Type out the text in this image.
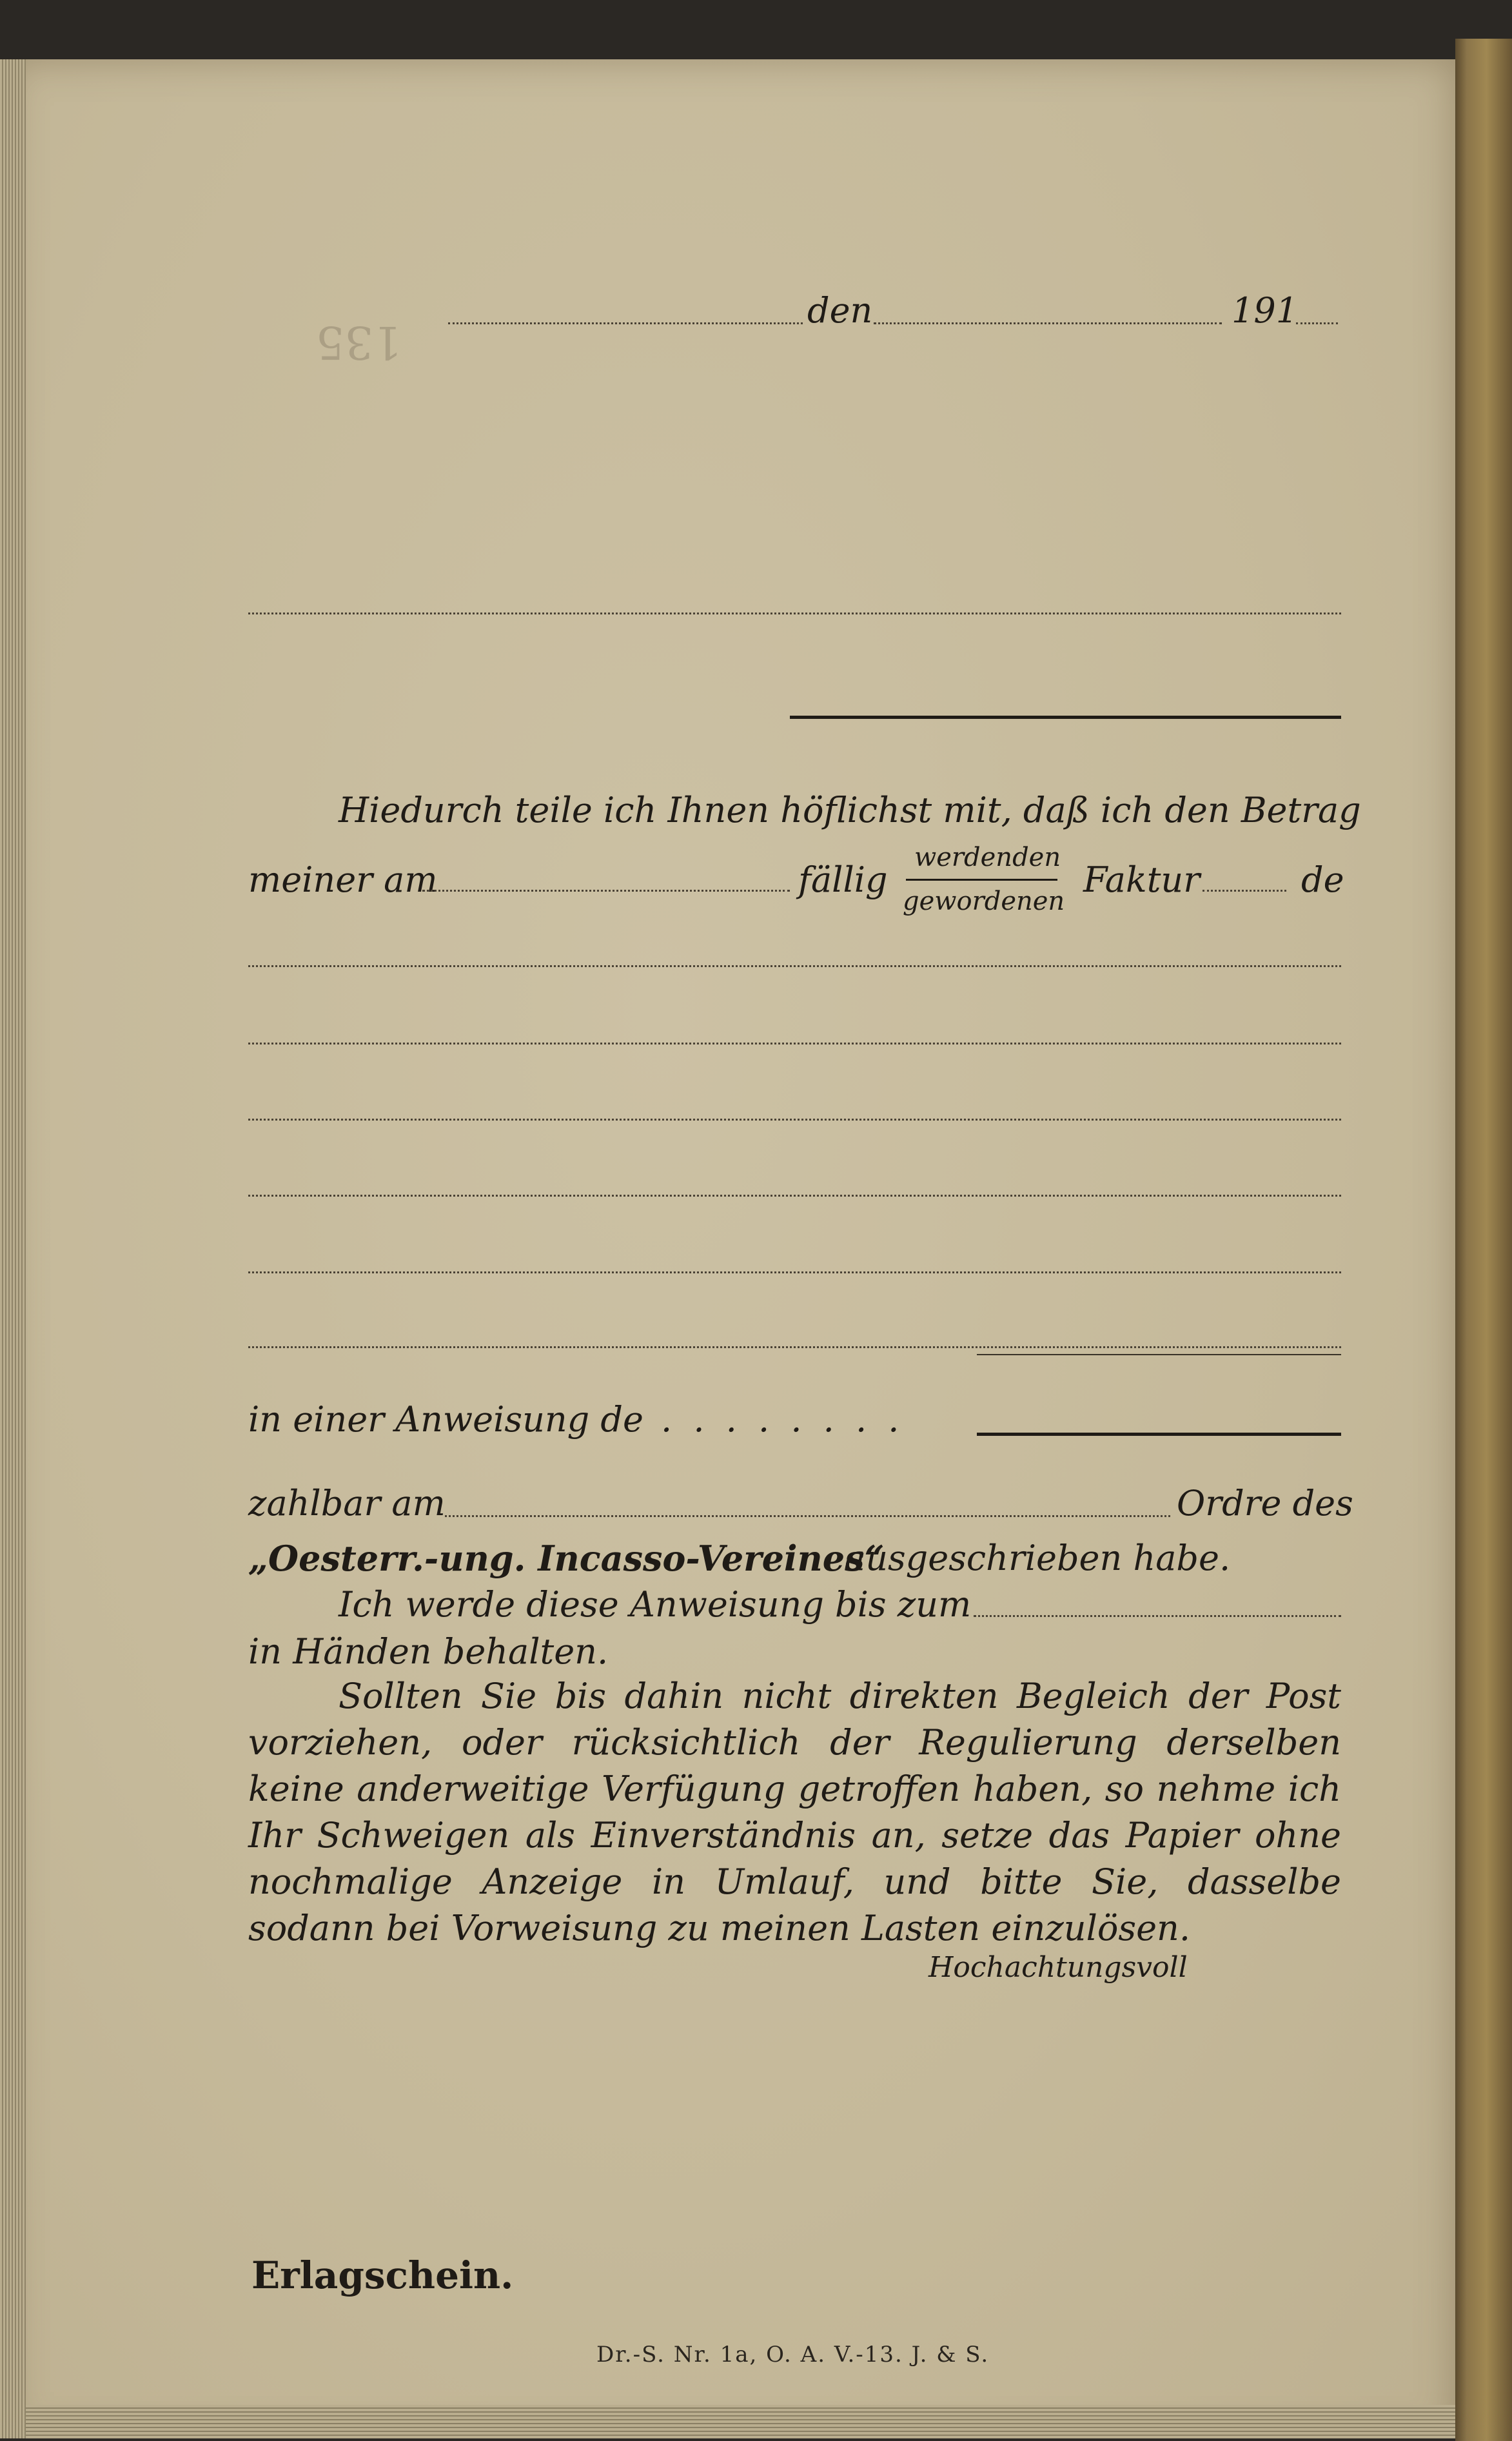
135
den	191
Hiedurch teile ich Ihnen höflichst mit, daß ich den Betrag
meiner am	fällig
werdenden
gewordenen
Faktur	de
in einer Anweisung de . . . . . . . .
zahlbar am	Ordre des
„Oesterr.-ung. Incasso-Vereines“
ausgeschrieben habe.
Ich werde diese Anweisung bis zum
in Händen behalten.
Sollten Sie bis dahin nicht direkten Begleich der Post vorziehen, oder rücksichtlich der Regulierung derselben keine anderweitige Verfügung getroffen haben, so nehme ich Ihr Schweigen als Einverständnis an, setze das Papier ohne nochmalige Anzeige in Umlauf, und bitte Sie, dasselbe sodann bei Vorweisung zu meinen Lasten einzulösen.
Hochachtungsvoll
Erlagschein.
Dr.-S. Nr. 1a, O. A. V.-13. J. & S.
